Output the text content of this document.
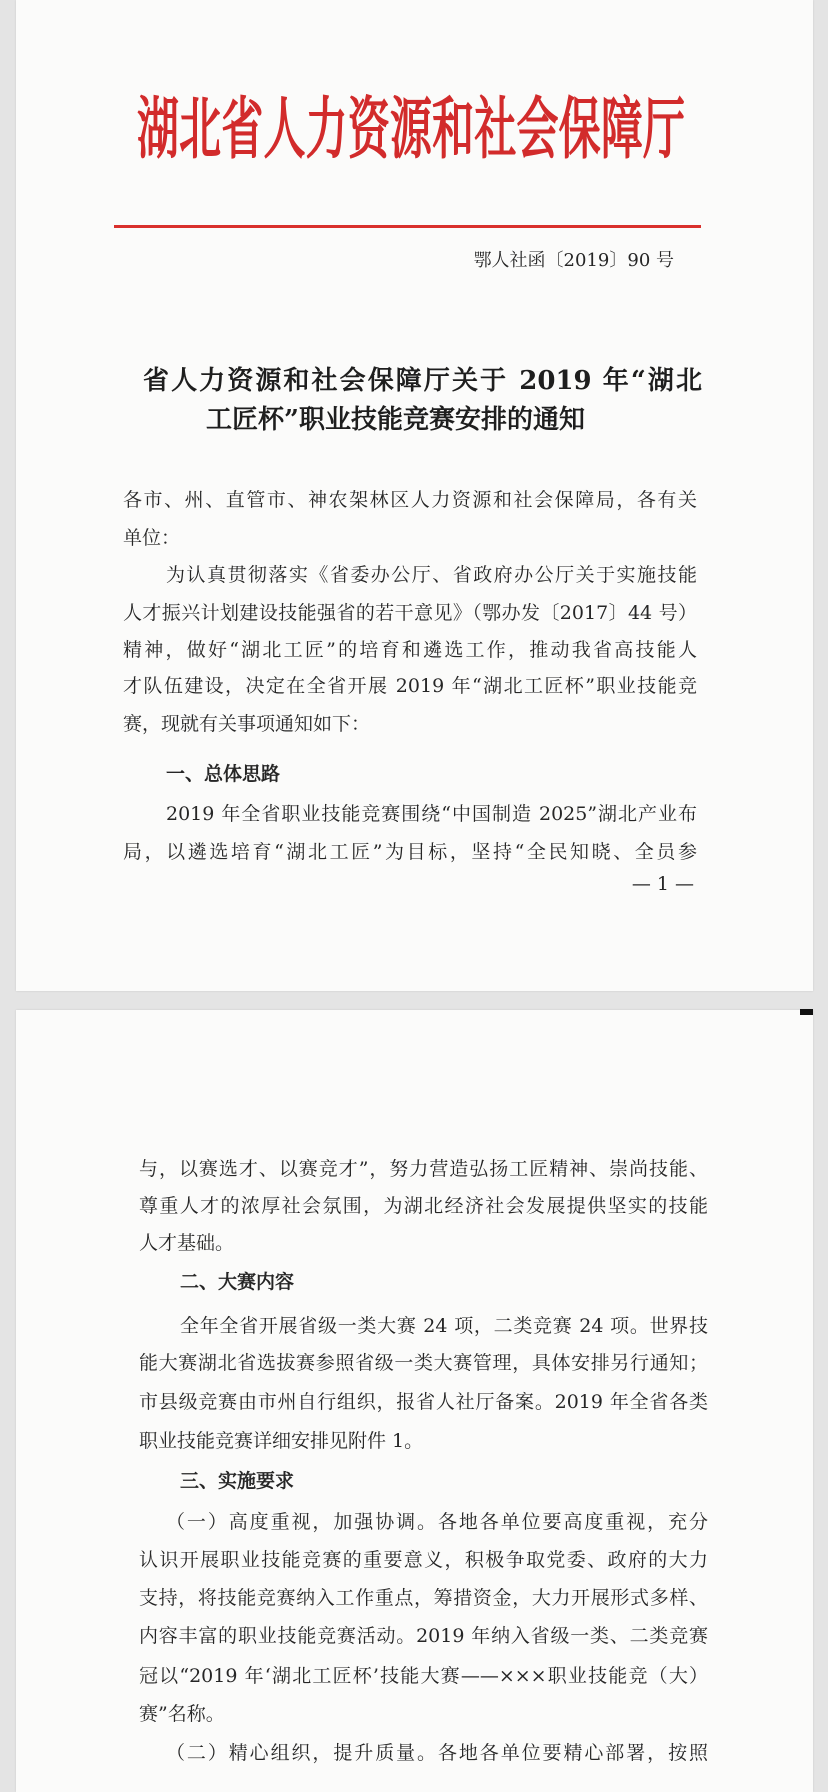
湖北省人力资源和社会保障厅
鄂人社函〔2019〕90 号
省人力资源和社会保障厅关于 2019 年“湖北
工匠杯”职业技能竞赛安排的通知
各市、州、直管市、神农架林区人力资源和社会保障局，各有关
单位：
为认真贯彻落实《省委办公厅、省政府办公厅关于实施技能
人才振兴计划建设技能强省的若干意见》（鄂办发〔2017〕44 号）
精神，做好“湖北工匠”的培育和遴选工作，推动我省高技能人
才队伍建设，决定在全省开展 2019 年“湖北工匠杯”职业技能竞
赛，现就有关事项通知如下：
一、总体思路
2019 年全省职业技能竞赛围绕“中国制造 2025”湖北产业布
局，以遴选培育“湖北工匠”为目标，坚持“全民知晓、全员参
— 1 —
与，以赛选才、以赛竞才”，努力营造弘扬工匠精神、崇尚技能、
尊重人才的浓厚社会氛围，为湖北经济社会发展提供坚实的技能
人才基础。
二、大赛内容
全年全省开展省级一类大赛 24 项，二类竞赛 24 项。世界技
能大赛湖北省选拔赛参照省级一类大赛管理，具体安排另行通知；
市县级竞赛由市州自行组织，报省人社厅备案。2019 年全省各类
职业技能竞赛详细安排见附件 1。
三、实施要求
（一）高度重视，加强协调。各地各单位要高度重视，充分
认识开展职业技能竞赛的重要意义，积极争取党委、政府的大力
支持，将技能竞赛纳入工作重点，筹措资金，大力开展形式多样、
内容丰富的职业技能竞赛活动。2019 年纳入省级一类、二类竞赛
冠以“2019 年‘湖北工匠杯’技能大赛——×××职业技能竞（大）
赛”名称。
（二）精心组织，提升质量。各地各单位要精心部署，按照
